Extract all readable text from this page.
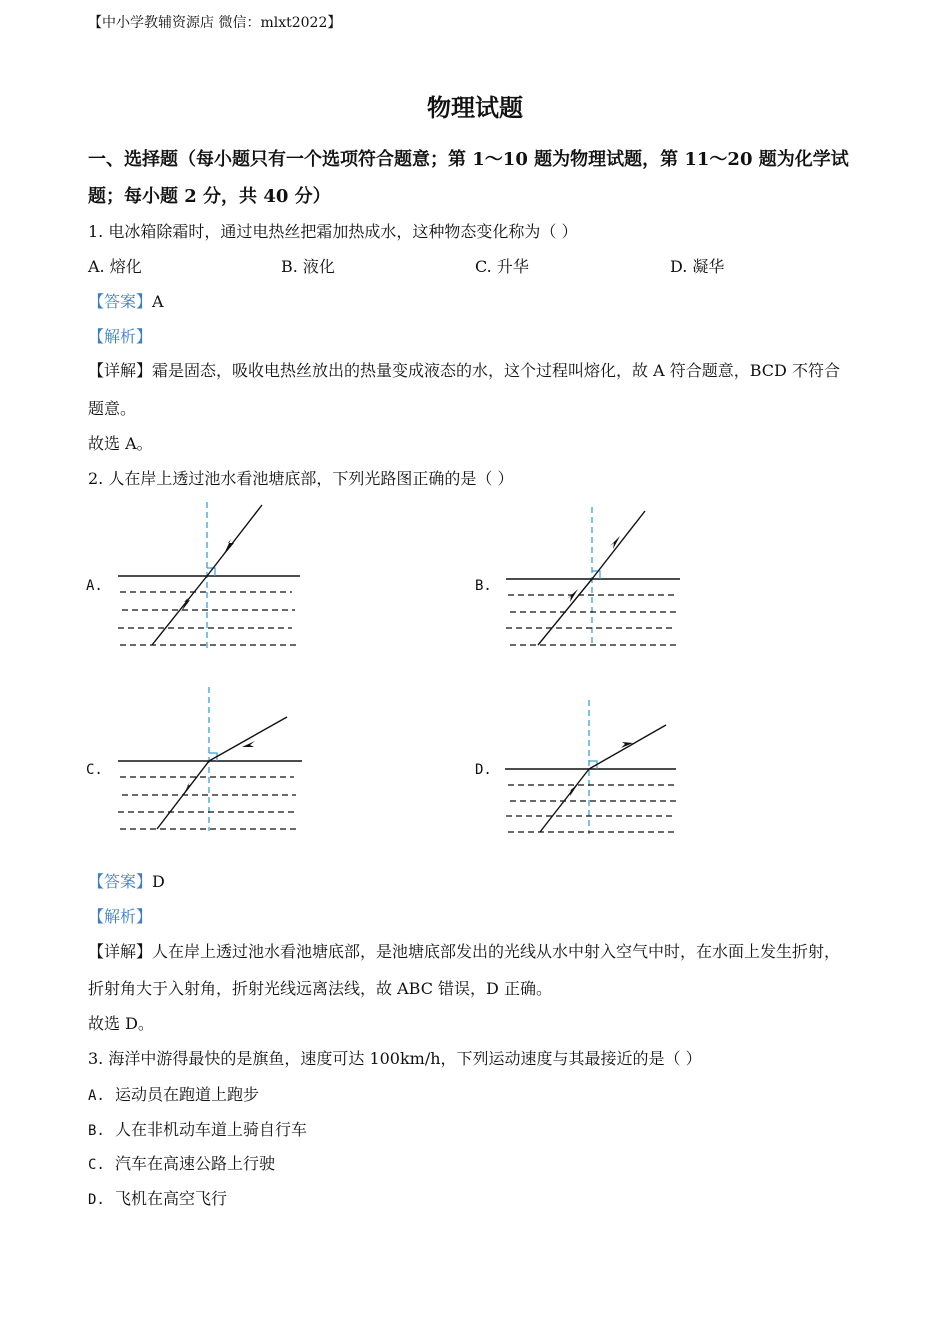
【中小学教辅资源店 微信：mlxt2022】
物理试题
一、选择题（每小题只有一个选项符合题意；第 1～10 题为物理试题，第 11～20 题为化学试
题；每小题 2 分，共 40 分）
1. 电冰箱除霜时，通过电热丝把霜加热成水，这种物态变化称为（ ）
A. 熔化	B. 液化	C. 升华	D. 凝华
【答案】A
【解析】
【详解】霜是固态，吸收电热丝放出的热量变成液态的水，这个过程叫熔化，故 A 符合题意，BCD 不符合
题意。
故选 A。
2. 人在岸上透过池水看池塘底部，下列光路图正确的是（ ）
A.	B.
C.	D.
【答案】D
【解析】
【详解】人在岸上透过池水看池塘底部，是池塘底部发出的光线从水中射入空气中时，在水面上发生折射，
折射角大于入射角，折射光线远离法线，故 ABC 错误，D 正确。
故选 D。
3. 海洋中游得最快的是旗鱼，速度可达 100km/h，下列运动速度与其最接近的是（ ）
A. 运动员在跑道上跑步
B. 人在非机动车道上骑自行车
C. 汽车在高速公路上行驶
D. 飞机在高空飞行
